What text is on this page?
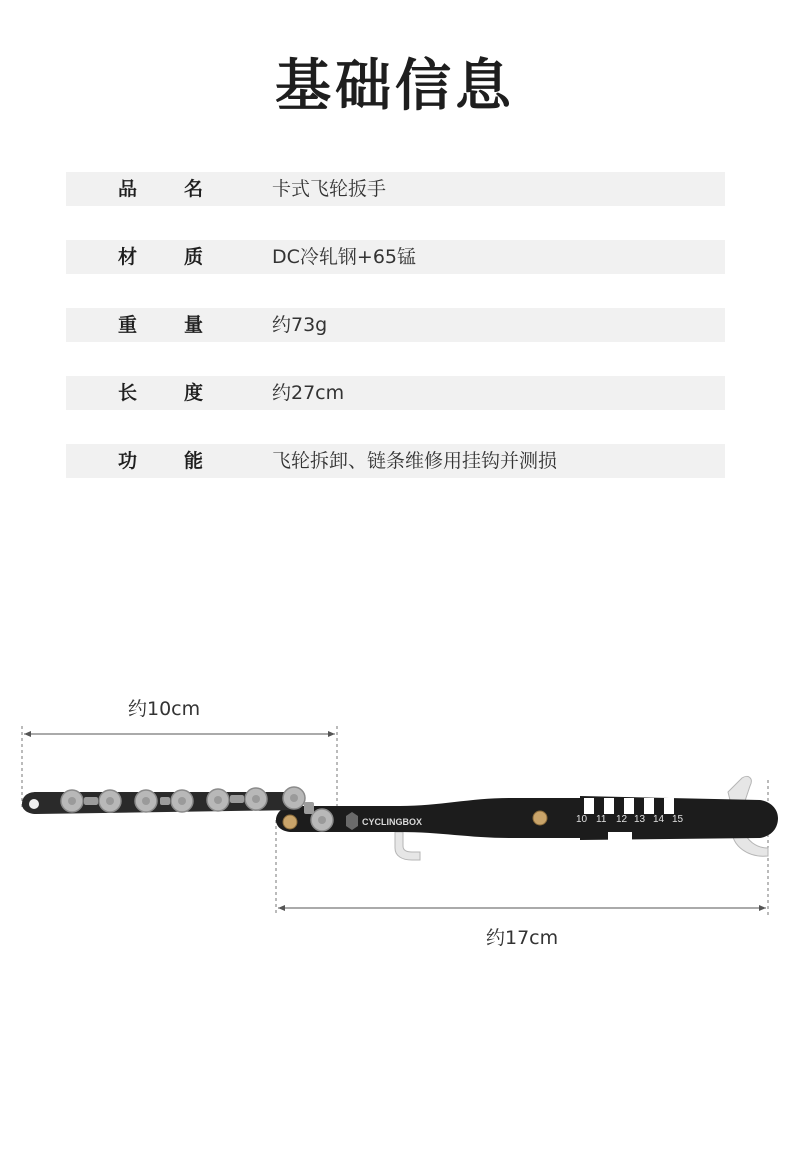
基础信息
品 名	卡式飞轮扳手
材 质	DC冷轧钢+65锰
重 量	约73g
长 度	约27cm
功 能	飞轮拆卸、链条维修用挂钩并测损
约10cm
约17cm
CYCLINGBOX	10 11 12 13 14 15
